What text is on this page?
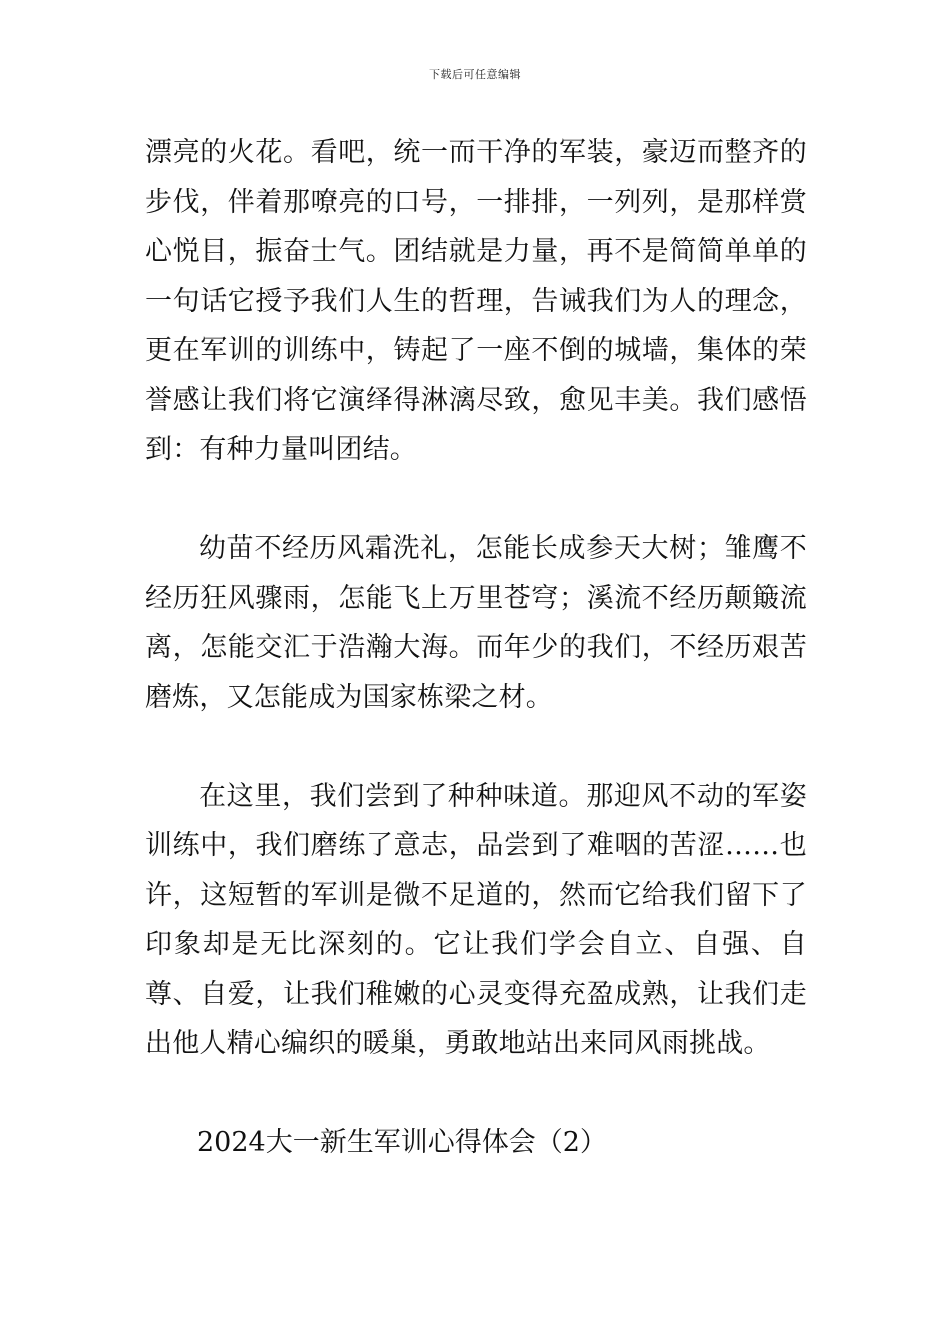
下载后可任意编辑

漂亮的火花。看吧，统一而干净的军装，豪迈而整齐的步伐，伴着那嘹亮的口号，一排排，一列列，是那样赏心悦目，振奋士气。团结就是力量，再不是简简单单的一句话它授予我们人生的哲理，告诫我们为人的理念，更在军训的训练中，铸起了一座不倒的城墙，集体的荣誉感让我们将它演绎得淋漓尽致，愈见丰美。我们感悟到：有种力量叫团结。

幼苗不经历风霜洗礼，怎能长成参天大树；雏鹰不经历狂风骤雨，怎能飞上万里苍穹；溪流不经历颠簸流离，怎能交汇于浩瀚大海。而年少的我们，不经历艰苦磨炼，又怎能成为国家栋梁之材。

在这里，我们尝到了种种味道。那迎风不动的军姿训练中，我们磨练了意志，品尝到了难咽的苦涩……也许，这短暂的军训是微不足道的，然而它给我们留下了印象却是无比深刻的。它让我们学会自立、自强、自尊、自爱，让我们稚嫩的心灵变得充盈成熟，让我们走出他人精心编织的暖巢，勇敢地站出来同风雨挑战。

2024大一新生军训心得体会（2）
